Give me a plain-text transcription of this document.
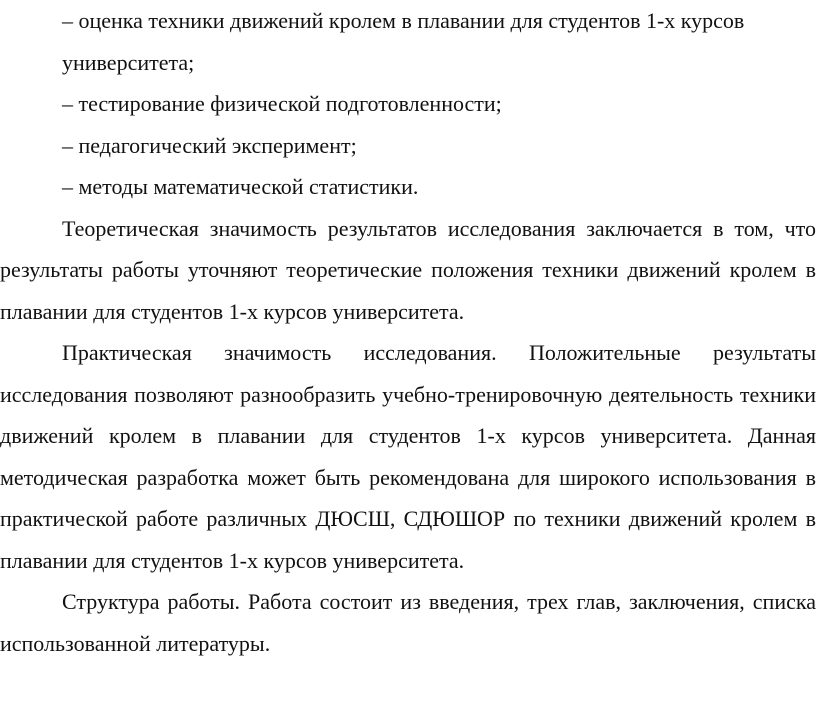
– оценка техники движений кролем в плавании для студентов 1-х курсов университета;

– тестирование физической подготовленности;

– педагогический эксперимент;

– методы математической статистики.

Теоретическая значимость результатов исследования заключается в том, что результаты работы уточняют теоретические положения техники движений кролем в плавании для студентов 1-х курсов университета.

Практическая значимость исследования. Положительные результаты исследования позволяют разнообразить учебно-тренировочную деятельность техники движений кролем в плавании для студентов 1-х курсов университета. Данная методическая разработка может быть рекомендована для широкого использования в практической работе различных ДЮСШ, СДЮШОР по техники движений кролем в плавании для студентов 1-х курсов университета.

Структура работы. Работа состоит из введения, трех глав, заключения, списка использованной литературы.
